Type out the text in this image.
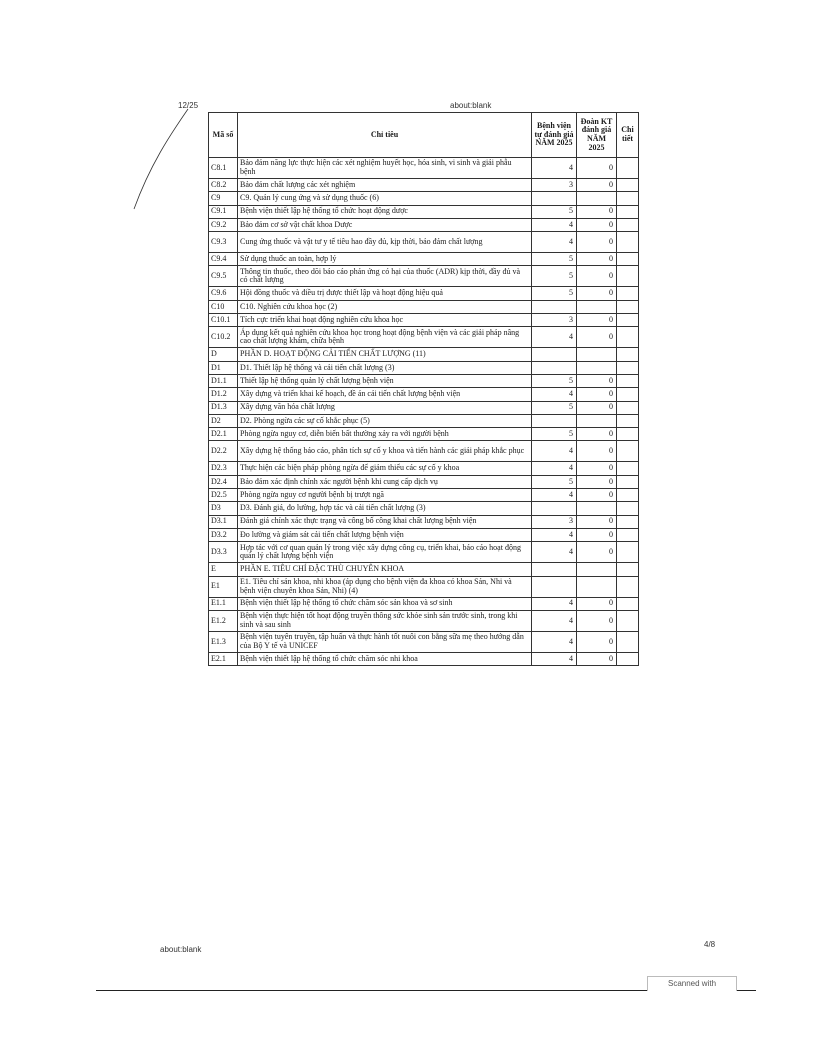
12/25	about:blank
Mã số	Chỉ tiêu	Bệnh viện tự đánh giá NĂM 2025	Đoàn KT đánh giá NĂM 2025	Chi tiết
C8.1	Bảo đảm năng lực thực hiện các xét nghiệm huyết học, hóa sinh, vi sinh và giải phẫu bệnh	4	0	
C8.2	Bảo đảm chất lượng các xét nghiệm	3	0	
C9	C9. Quản lý cung ứng và sử dụng thuốc (6)			
C9.1	Bệnh viện thiết lập hệ thống tổ chức hoạt động dược	5	0	
C9.2	Bảo đảm cơ sở vật chất khoa Dược	4	0	
C9.3	Cung ứng thuốc và vật tư y tế tiêu hao đầy đủ, kịp thời, bảo đảm chất lượng	4	0	
C9.4	Sử dụng thuốc an toàn, hợp lý	5	0	
C9.5	Thông tin thuốc, theo dõi báo cáo phản ứng có hại của thuốc (ADR) kịp thời, đầy đủ và có chất lượng	5	0	
C9.6	Hội đồng thuốc và điều trị được thiết lập và hoạt động hiệu quả	5	0	
C10	C10. Nghiên cứu khoa học (2)			
C10.1	Tích cực triển khai hoạt động nghiên cứu khoa học	3	0	
C10.2	Áp dụng kết quả nghiên cứu khoa học trong hoạt động bệnh viện và các giải pháp nâng cao chất lượng khám, chữa bệnh	4	0	
D	PHẦN D. HOẠT ĐỘNG CẢI TIẾN CHẤT LƯỢNG (11)			
D1	D1. Thiết lập hệ thống và cải tiến chất lượng (3)			
D1.1	Thiết lập hệ thống quản lý chất lượng bệnh viện	5	0	
D1.2	Xây dựng và triển khai kế hoạch, đề án cải tiến chất lượng bệnh viện	4	0	
D1.3	Xây dựng văn hóa chất lượng	5	0	
D2	D2. Phòng ngừa các sự cố khắc phục (5)			
D2.1	Phòng ngừa nguy cơ, diễn biến bất thường xảy ra với người bệnh	5	0	
D2.2	Xây dựng hệ thống báo cáo, phân tích sự cố y khoa và tiến hành các giải pháp khắc phục	4	0	
D2.3	Thực hiện các biện pháp phòng ngừa để giảm thiểu các sự cố y khoa	4	0	
D2.4	Bảo đảm xác định chính xác người bệnh khi cung cấp dịch vụ	5	0	
D2.5	Phòng ngừa nguy cơ người bệnh bị trượt ngã	4	0	
D3	D3. Đánh giá, đo lường, hợp tác và cải tiến chất lượng (3)			
D3.1	Đánh giá chính xác thực trạng và công bố công khai chất lượng bệnh viện	3	0	
D3.2	Đo lường và giám sát cải tiến chất lượng bệnh viện	4	0	
D3.3	Hợp tác với cơ quan quản lý trong việc xây dựng công cụ, triển khai, báo cáo hoạt động quản lý chất lượng bệnh viện	4	0	
E	PHẦN E. TIÊU CHÍ ĐẶC THÙ CHUYÊN KHOA			
E1	E1. Tiêu chí sản khoa, nhi khoa (áp dụng cho bệnh viện đa khoa có khoa Sản, Nhi và bệnh viện chuyên khoa Sản, Nhi) (4)			
E1.1	Bệnh viện thiết lập hệ thống tổ chức chăm sóc sản khoa và sơ sinh	4	0	
E1.2	Bệnh viện thực hiện tốt hoạt động truyền thông sức khỏe sinh sản trước sinh, trong khi sinh và sau sinh	4	0	
E1.3	Bệnh viện tuyên truyền, tập huấn và thực hành tốt nuôi con bằng sữa mẹ theo hướng dẫn của Bộ Y tế và UNICEF	4	0	
E2.1	Bệnh viện thiết lập hệ thống tổ chức chăm sóc nhi khoa	4	0	
about:blank
4/8
Scanned with
